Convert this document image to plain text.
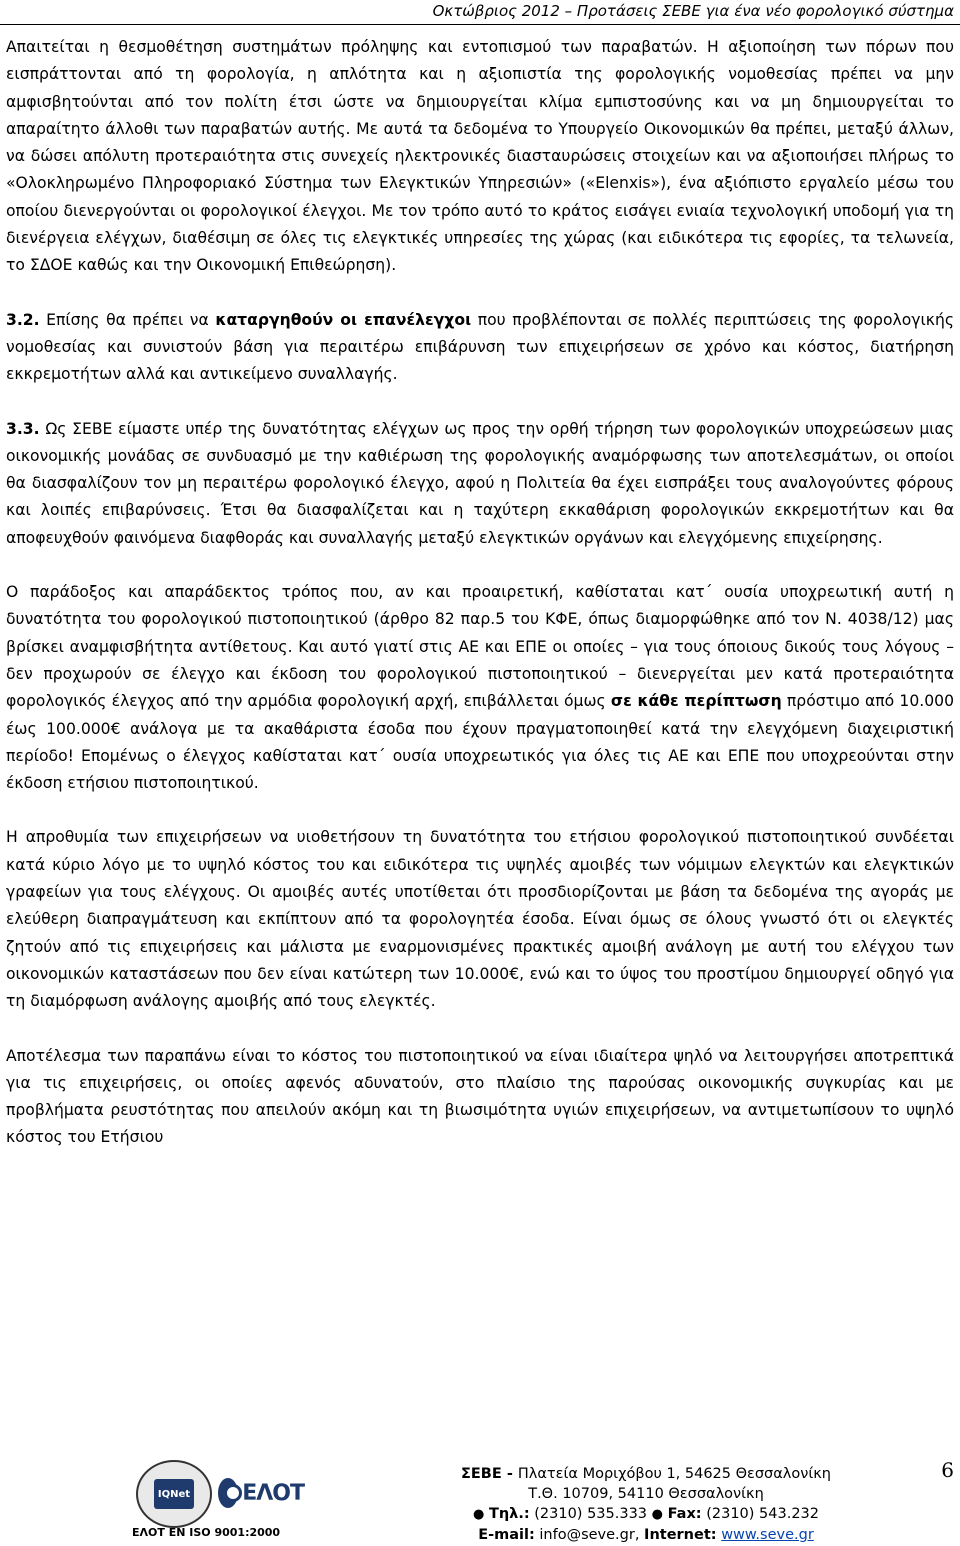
Οκτώβριος 2012 – Προτάσεις ΣΕΒΕ για ένα νέο φορολογικό σύστημα

Απαιτείται η θεσμοθέτηση συστημάτων πρόληψης και εντοπισμού των παραβατών. Η αξιοποίηση των πόρων που εισπράττονται από τη φορολογία, η απλότητα και η αξιοπιστία της φορολογικής νομοθεσίας πρέπει να μην αμφισβητούνται από τον πολίτη έτσι ώστε να δημιουργείται κλίμα εμπιστοσύνης και να μη δημιουργείται το απαραίτητο άλλοθι των παραβατών αυτής. Με αυτά τα δεδομένα το Υπουργείο Οικονομικών θα πρέπει, μεταξύ άλλων, να δώσει απόλυτη προτεραιότητα στις συνεχείς ηλεκτρονικές διασταυρώσεις στοιχείων και να αξιοποιήσει πλήρως το «Ολοκληρωμένο Πληροφοριακό Σύστημα των Ελεγκτικών Υπηρεσιών» («Elenxis»), ένα αξιόπιστο εργαλείο μέσω του οποίου διενεργούνται οι φορολογικοί έλεγχοι. Με τον τρόπο αυτό το κράτος εισάγει ενιαία τεχνολογική υποδομή για τη διενέργεια ελέγχων, διαθέσιμη σε όλες τις ελεγκτικές υπηρεσίες της χώρας (και ειδικότερα τις εφορίες, τα τελωνεία, το ΣΔΟΕ καθώς και την Οικονομική Επιθεώρηση).

3.2. Επίσης θα πρέπει να καταργηθούν οι επανέλεγχοι που προβλέπονται σε πολλές περιπτώσεις της φορολογικής νομοθεσίας και συνιστούν βάση για περαιτέρω επιβάρυνση των επιχειρήσεων σε χρόνο και κόστος, διατήρηση εκκρεμοτήτων αλλά και αντικείμενο συναλλαγής.

3.3. Ως ΣΕΒΕ είμαστε υπέρ της δυνατότητας ελέγχων ως προς την ορθή τήρηση των φορολογικών υποχρεώσεων μιας οικονομικής μονάδας σε συνδυασμό με την καθιέρωση της φορολογικής αναμόρφωσης των αποτελεσμάτων, οι οποίοι θα διασφαλίζουν τον μη περαιτέρω φορολογικό έλεγχο, αφού η Πολιτεία θα έχει εισπράξει τους αναλογούντες φόρους και λοιπές επιβαρύνσεις. Έτσι θα διασφαλίζεται και η ταχύτερη εκκαθάριση φορολογικών εκκρεμοτήτων και θα αποφευχθούν φαινόμενα διαφθοράς και συναλλαγής μεταξύ ελεγκτικών οργάνων και ελεγχόμενης επιχείρησης.

Ο παράδοξος και απαράδεκτος τρόπος που, αν και προαιρετική, καθίσταται κατ΄ ουσία υποχρεωτική αυτή η δυνατότητα του φορολογικού πιστοποιητικού (άρθρο 82 παρ.5 του ΚΦΕ, όπως διαμορφώθηκε από τον Ν. 4038/12) μας βρίσκει αναμφισβήτητα αντίθετους. Και αυτό γιατί στις ΑΕ και ΕΠΕ οι οποίες – για τους όποιους δικούς τους λόγους – δεν προχωρούν σε έλεγχο και έκδοση του φορολογικού πιστοποιητικού – διενεργείται μεν κατά προτεραιότητα φορολογικός έλεγχος από την αρμόδια φορολογική αρχή, επιβάλλεται όμως σε κάθε περίπτωση πρόστιμο από 10.000 έως 100.000€ ανάλογα με τα ακαθάριστα έσοδα που έχουν πραγματοποιηθεί κατά την ελεγχόμενη διαχειριστική περίοδο! Επομένως ο έλεγχος καθίσταται κατ΄ ουσία υποχρεωτικός για όλες τις ΑΕ και ΕΠΕ που υποχρεούνται στην έκδοση ετήσιου πιστοποιητικού.

Η απροθυμία των επιχειρήσεων να υιοθετήσουν τη δυνατότητα του ετήσιου φορολογικού πιστοποιητικού συνδέεται κατά κύριο λόγο με το υψηλό κόστος του και ειδικότερα τις υψηλές αμοιβές των νόμιμων ελεγκτών και ελεγκτικών γραφείων για τους ελέγχους. Οι αμοιβές αυτές υποτίθεται ότι προσδιορίζονται με βάση τα δεδομένα της αγοράς με ελεύθερη διαπραγμάτευση και εκπίπτουν από τα φορολογητέα έσοδα. Είναι όμως σε όλους γνωστό ότι οι ελεγκτές ζητούν από τις επιχειρήσεις και μάλιστα με εναρμονισμένες πρακτικές αμοιβή ανάλογη με αυτή του ελέγχου των οικονομικών καταστάσεων που δεν είναι κατώτερη των 10.000€, ενώ και το ύψος του προστίμου δημιουργεί οδηγό για τη διαμόρφωση ανάλογης αμοιβής από τους ελεγκτές.

Αποτέλεσμα των παραπάνω είναι το κόστος του πιστοποιητικού να είναι ιδιαίτερα ψηλό να λειτουργήσει αποτρεπτικά για τις επιχειρήσεις, οι οποίες αφενός αδυνατούν, στο πλαίσιο της παρούσας οικονομικής συγκυρίας και με προβλήματα ρευστότητας που απειλούν ακόμη και τη βιωσιμότητα υγιών επιχειρήσεων, να αντιμετωπίσουν το υψηλό κόστος του Ετήσιου

IQNet ΕΛΟΤ
ΕΛΟΤ EN ISO 9001:2000
ΣΕΒΕ - Πλατεία Μοριχόβου 1, 54625 Θεσσαλονίκη
Τ.Θ. 10709, 54110 Θεσσαλονίκη
● Τηλ.: (2310) 535.333 ● Fax: (2310) 543.232
E-mail: info@seve.gr, Internet: www.seve.gr
6
